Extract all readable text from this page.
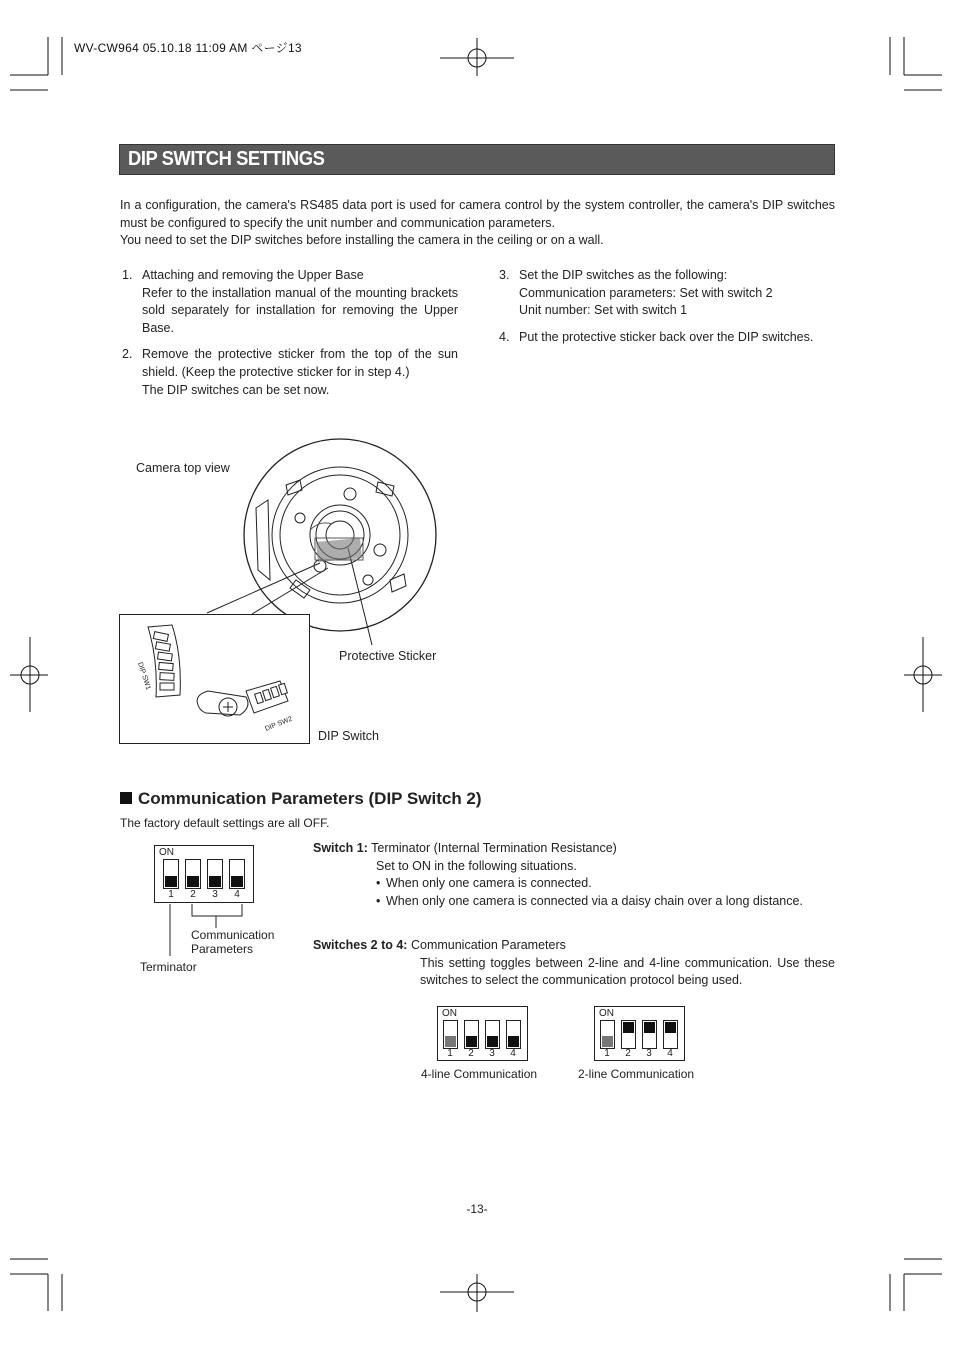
WV-CW964 05.10.18 11:09 AM ページ13
DIP SWITCH SETTINGS
In a configuration, the camera's RS485 data port is used for camera control by the system controller, the camera's DIP switches must be configured to specify the unit number and communication parameters.
You need to set the DIP switches before installing the camera in the ceiling or on a wall.
1. Attaching and removing the Upper Base

Refer to the installation manual of the mounting brackets sold separately for installation for removing the Upper Base.

2. Remove the protective sticker from the top of the sun shield. (Keep the protective sticker for in step 4.)

The DIP switches can be set now.

3. Set the DIP switches as the following:

Communication parameters: Set with switch 2

Unit number: Set with switch 1

4. Put the protective sticker back over the DIP switches.

Camera top view
Protective Sticker
DIP Switch
DIP SW1
DIP SW2
Communication Parameters (DIP Switch 2)
The factory default settings are all OFF.
ON
1	2	3	4
Communication
Parameters
Terminator
Switch 1: Terminator (Internal Termination Resistance)
Set to ON in the following situations.
• When only one camera is connected.
• When only one camera is connected via a daisy chain over a long distance.
Switches 2 to 4: Communication Parameters
This setting toggles between 2-line and 4-line communication. Use these switches to select the communication protocol being used.
ON
1	2	3	4
4-line Communication
ON
1	2	3	4
2-line Communication
-13-
